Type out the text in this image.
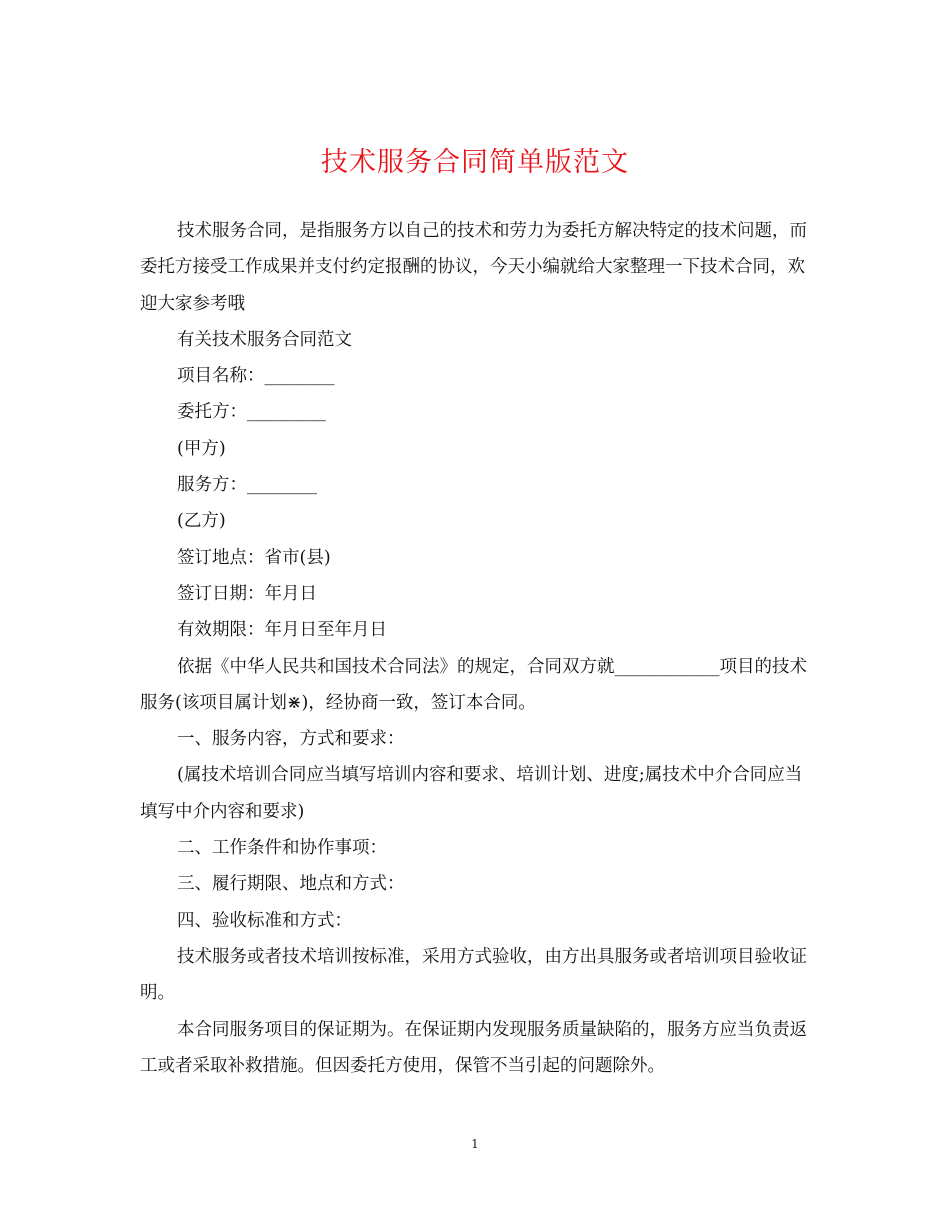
技术服务合同简单版范文

技术服务合同，是指服务方以自己的技术和劳力为委托方解决特定的技术问题，而委托方接受工作成果并支付约定报酬的协议，今天小编就给大家整理一下技术合同，欢迎大家参考哦

有关技术服务合同范文

项目名称：________

委托方：_________

(甲方)

服务方：________

(乙方)

签订地点：省市(县)

签订日期：年月日

有效期限：年月日至年月日

依据《中华人民共和国技术合同法》的规定，合同双方就____________项目的技术服务(该项目属计划⋇)，经协商一致，签订本合同。

一、服务内容，方式和要求：

(属技术培训合同应当填写培训内容和要求、培训计划、进度;属技术中介合同应当填写中介内容和要求)

二、工作条件和协作事项：

三、履行期限、地点和方式：

四、验收标准和方式：

技术服务或者技术培训按标准，采用方式验收，由方出具服务或者培训项目验收证明。

本合同服务项目的保证期为。在保证期内发现服务质量缺陷的，服务方应当负责返工或者采取补救措施。但因委托方使用，保管不当引起的问题除外。

1
